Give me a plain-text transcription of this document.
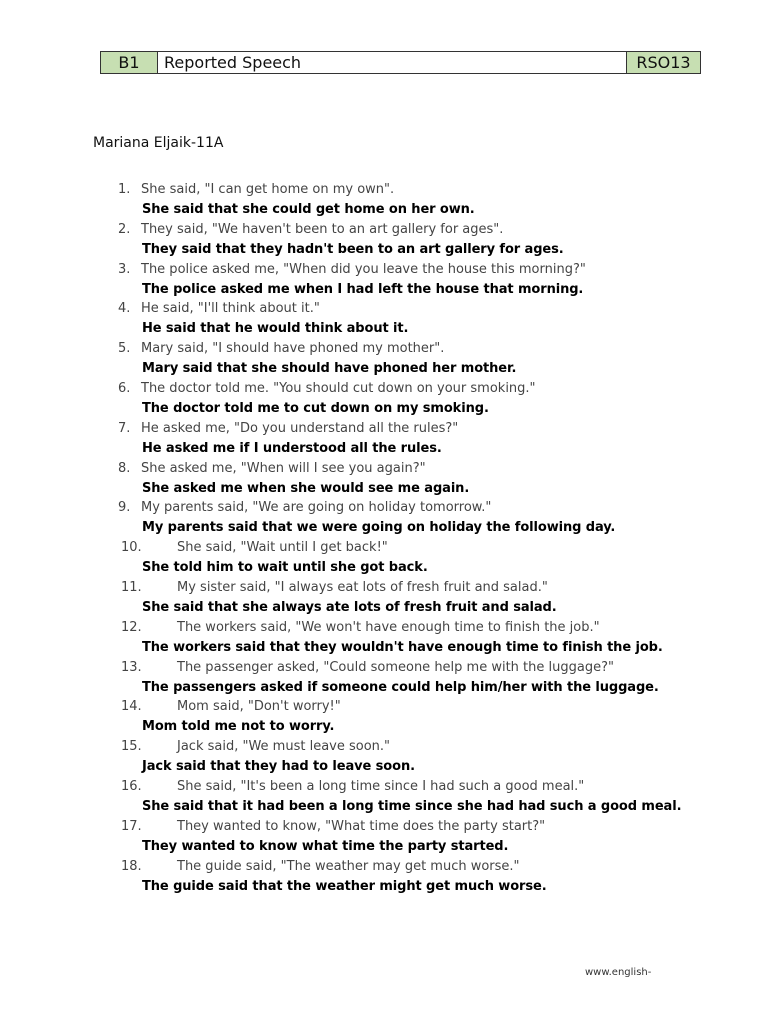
B1	Reported Speech	RSO13
Mariana Eljaik-11A
1. She said, "I can get home on my own".
She said that she could get home on her own.
2. They said, "We haven't been to an art gallery for ages".
They said that they hadn't been to an art gallery for ages.
3. The police asked me, "When did you leave the house this morning?"
The police asked me when I had left the house that morning.
4. He said, "I'll think about it."
He said that he would think about it.
5. Mary said, "I should have phoned my mother".
Mary said that she should have phoned her mother.
6. The doctor told me. "You should cut down on your smoking."
The doctor told me to cut down on my smoking.
7. He asked me, "Do you understand all the rules?"
He asked me if I understood all the rules.
8. She asked me, "When will I see you again?"
She asked me when she would see me again.
9. My parents said, "We are going on holiday tomorrow."
My parents said that we were going on holiday the following day.
10.	She said, "Wait until I get back!"
She told him to wait until she got back.
11.	My sister said, "I always eat lots of fresh fruit and salad."
She said that she always ate lots of fresh fruit and salad.
12.	The workers said, "We won't have enough time to finish the job."
The workers said that they wouldn't have enough time to finish the job.
13.	The passenger asked, "Could someone help me with the luggage?"
The passengers asked if someone could help him/her with the luggage.
14.	Mom said, "Don't worry!"
Mom told me not to worry.
15.	Jack said, "We must leave soon."
Jack said that they had to leave soon.
16.	She said, "It's been a long time since I had such a good meal."
She said that it had been a long time since she had had such a good meal.
17.	They wanted to know, "What time does the party start?"
They wanted to know what time the party started.
18.	The guide said, "The weather may get much worse."
The guide said that the weather might get much worse.
www.english-
